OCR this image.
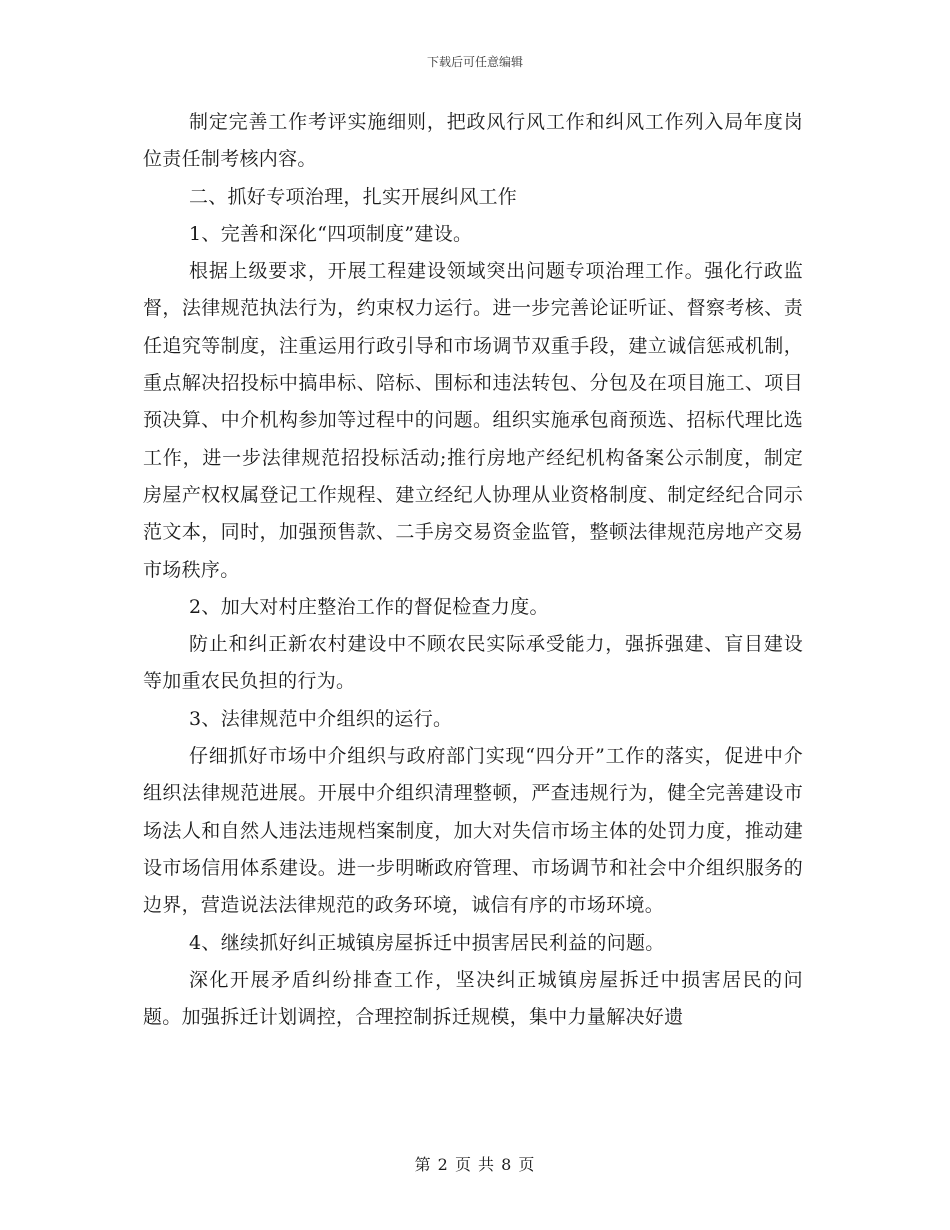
下载后可任意编辑

制定完善工作考评实施细则，把政风行风工作和纠风工作列入局年度岗位责任制考核内容。

二、抓好专项治理，扎实开展纠风工作

1、完善和深化“四项制度”建设。

根据上级要求，开展工程建设领域突出问题专项治理工作。强化行政监督，法律规范执法行为，约束权力运行。进一步完善论证听证、督察考核、责任追究等制度，注重运用行政引导和市场调节双重手段，建立诚信惩戒机制，重点解决招投标中搞串标、陪标、围标和违法转包、分包及在项目施工、项目预决算、中介机构参加等过程中的问题。组织实施承包商预选、招标代理比选工作，进一步法律规范招投标活动;推行房地产经纪机构备案公示制度，制定房屋产权权属登记工作规程、建立经纪人协理从业资格制度、制定经纪合同示范文本，同时，加强预售款、二手房交易资金监管，整顿法律规范房地产交易市场秩序。

2、加大对村庄整治工作的督促检查力度。

防止和纠正新农村建设中不顾农民实际承受能力，强拆强建、盲目建设等加重农民负担的行为。

3、法律规范中介组织的运行。

仔细抓好市场中介组织与政府部门实现“四分开”工作的落实，促进中介组织法律规范进展。开展中介组织清理整顿，严查违规行为，健全完善建设市场法人和自然人违法违规档案制度，加大对失信市场主体的处罚力度，推动建设市场信用体系建设。进一步明晰政府管理、市场调节和社会中介组织服务的边界，营造说法法律规范的政务环境，诚信有序的市场环境。

4、继续抓好纠正城镇房屋拆迁中损害居民利益的问题。

深化开展矛盾纠纷排查工作，坚决纠正城镇房屋拆迁中损害居民的问题。加强拆迁计划调控，合理控制拆迁规模，集中力量解决好遗

第 2 页 共 8 页
